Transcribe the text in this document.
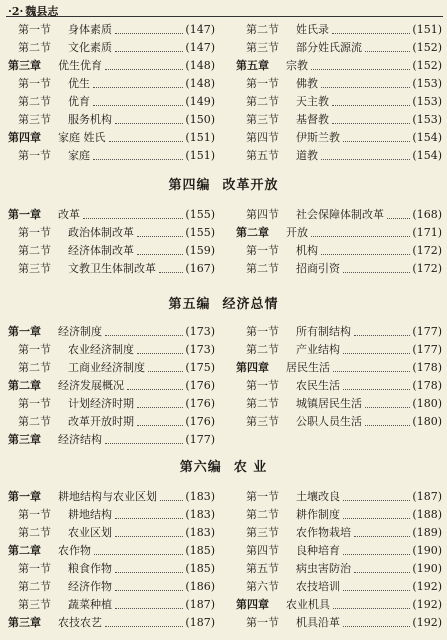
·2· 魏县志
第一节 身体素质	(147)
第二节 文化素质	(147)
第三章 优生优育	(148)
第一节 优生	(148)
第二节 优育	(149)
第三节 服务机构	(150)
第四章 家庭 姓氏	(151)
第一节 家庭	(151)
第二节 姓氏录	(151)
第三节 部分姓氏源流	(152)
第五章 宗教	(152)
第一节 佛教	(153)
第二节 天主教	(153)
第三节 基督教	(153)
第四节 伊斯兰教	(154)
第五节 道教	(154)
第四编 改革开放
第一章 改革	(155)
第一节 政治体制改革	(155)
第二节 经济体制改革	(159)
第三节 文教卫生体制改革	(167)
第四节 社会保障体制改革	(168)
第二章 开放	(171)
第一节 机构	(172)
第二节 招商引资	(172)
第五编 经济总情
第一章 经济制度	(173)
第一节 农业经济制度	(173)
第二节 工商业经济制度	(175)
第二章 经济发展概况	(176)
第一节 计划经济时期	(176)
第二节 改革开放时期	(176)
第三章 经济结构	(177)
第一节 所有制结构	(177)
第二节 产业结构	(177)
第四章 居民生活	(178)
第一节 农民生活	(178)
第二节 城镇居民生活	(180)
第三节 公职人员生活	(180)
第六编 农 业
第一章 耕地结构与农业区划	(183)
第一节 耕地结构	(183)
第二节 农业区划	(183)
第二章 农作物	(185)
第一节 粮食作物	(185)
第二节 经济作物	(186)
第三节 蔬菜种植	(187)
第三章 农技农艺	(187)
第一节 土壤改良	(187)
第二节 耕作制度	(188)
第三节 农作物栽培	(189)
第四节 良种培育	(190)
第五节 病虫害防治	(190)
第六节 农技培训	(192)
第四章 农业机具	(192)
第一节 机具沿革	(192)
